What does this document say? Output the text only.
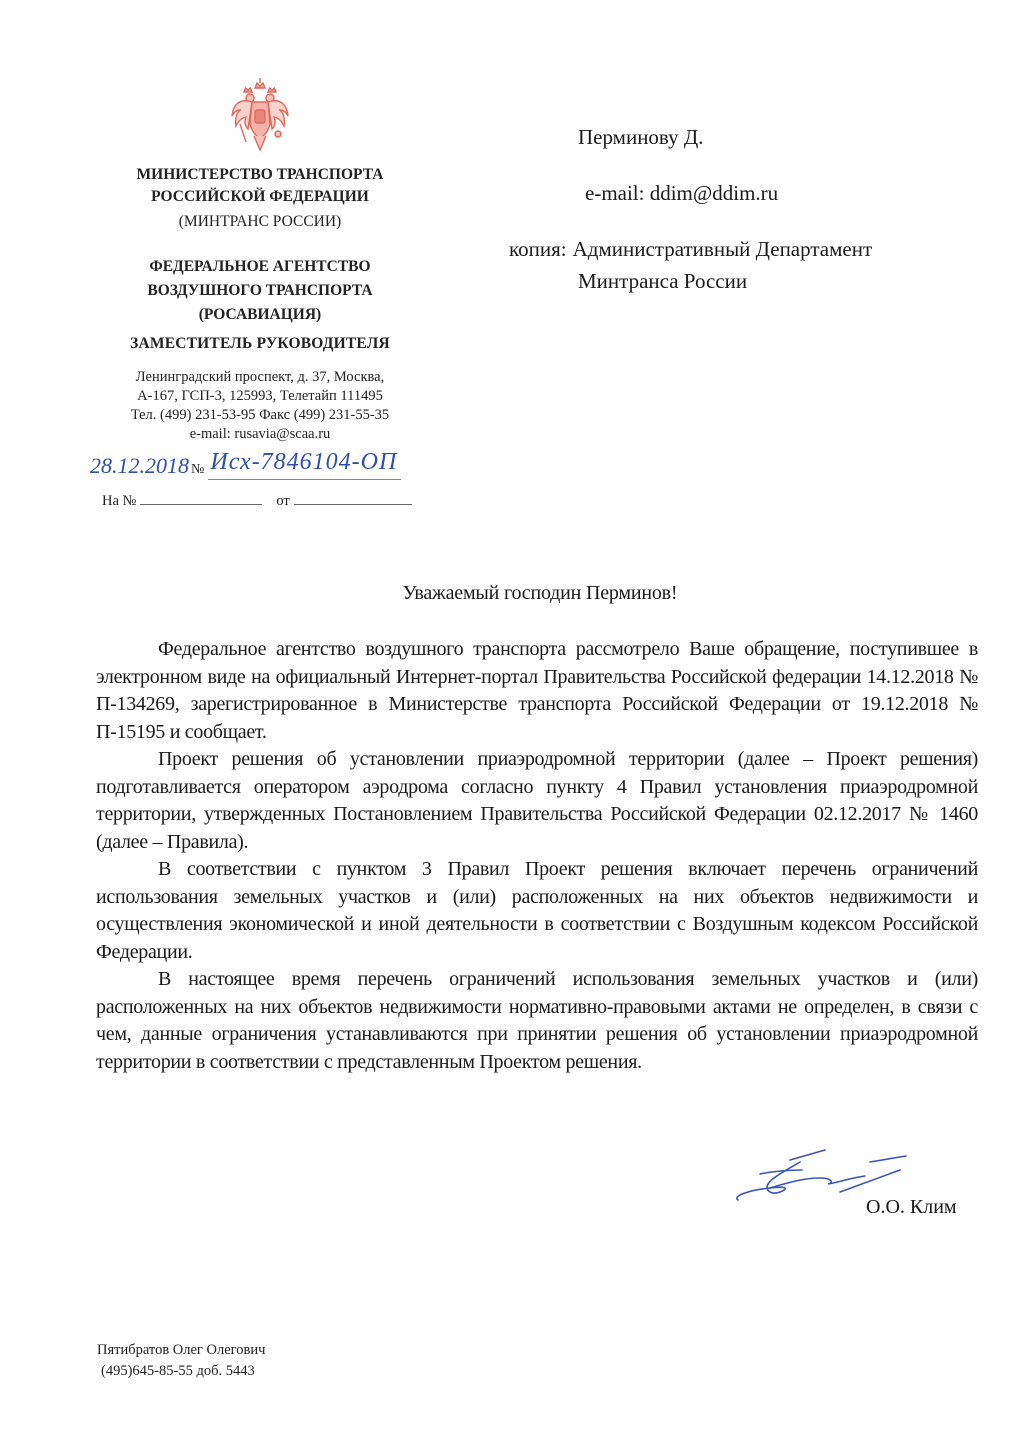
МИНИСТЕРСТВО ТРАНСПОРТА
РОССИЙСКОЙ ФЕДЕРАЦИИ
(МИНТРАНС РОССИИ)
ФЕДЕРАЛЬНОЕ АГЕНТСТВО
ВОЗДУШНОГО ТРАНСПОРТА
(РОСАВИАЦИЯ)
ЗАМЕСТИТЕЛЬ РУКОВОДИТЕЛЯ
Ленинградский проспект, д. 37, Москва,
А-167, ГСП-3, 125993, Телетайп 111495
Тел. (499) 231-53-95 Факс (499) 231-55-35
e-mail: rusavia@scaa.ru
28.12.2018 № Исх-7846104-ОП
На №	от
Перминову Д.
e-mail: ddim@ddim.ru
копия: Административный Департамент
Минтранса России
Уважаемый господин Перминов!

Федеральное агентство воздушного транспорта рассмотрело Ваше обращение, поступившее в электронном виде на официальный Интернет-портал Правительства Российской федерации 14.12.2018 № П-134269, зарегистрированное в Министерстве транспорта Российской Федерации от 19.12.2018 № П-15195 и сообщает.

Проект решения об установлении приаэродромной территории (далее – Проект решения) подготавливается оператором аэродрома согласно пункту 4 Правил установления приаэродромной территории, утвержденных Постановлением Правительства Российской Федерации 02.12.2017 № 1460 (далее – Правила).

В соответствии с пунктом 3 Правил Проект решения включает перечень ограничений использования земельных участков и (или) расположенных на них объектов недвижимости и осуществления экономической и иной деятельности в соответствии с Воздушным кодексом Российской Федерации.

В настоящее время перечень ограничений использования земельных участков и (или) расположенных на них объектов недвижимости нормативно-правовыми актами не определен, в связи с чем, данные ограничения устанавливаются при принятии решения об установлении приаэродромной территории в соответствии с представленным Проектом решения.

О.О. Клим
Пятибратов Олег Олегович
(495)645-85-55 доб. 5443
